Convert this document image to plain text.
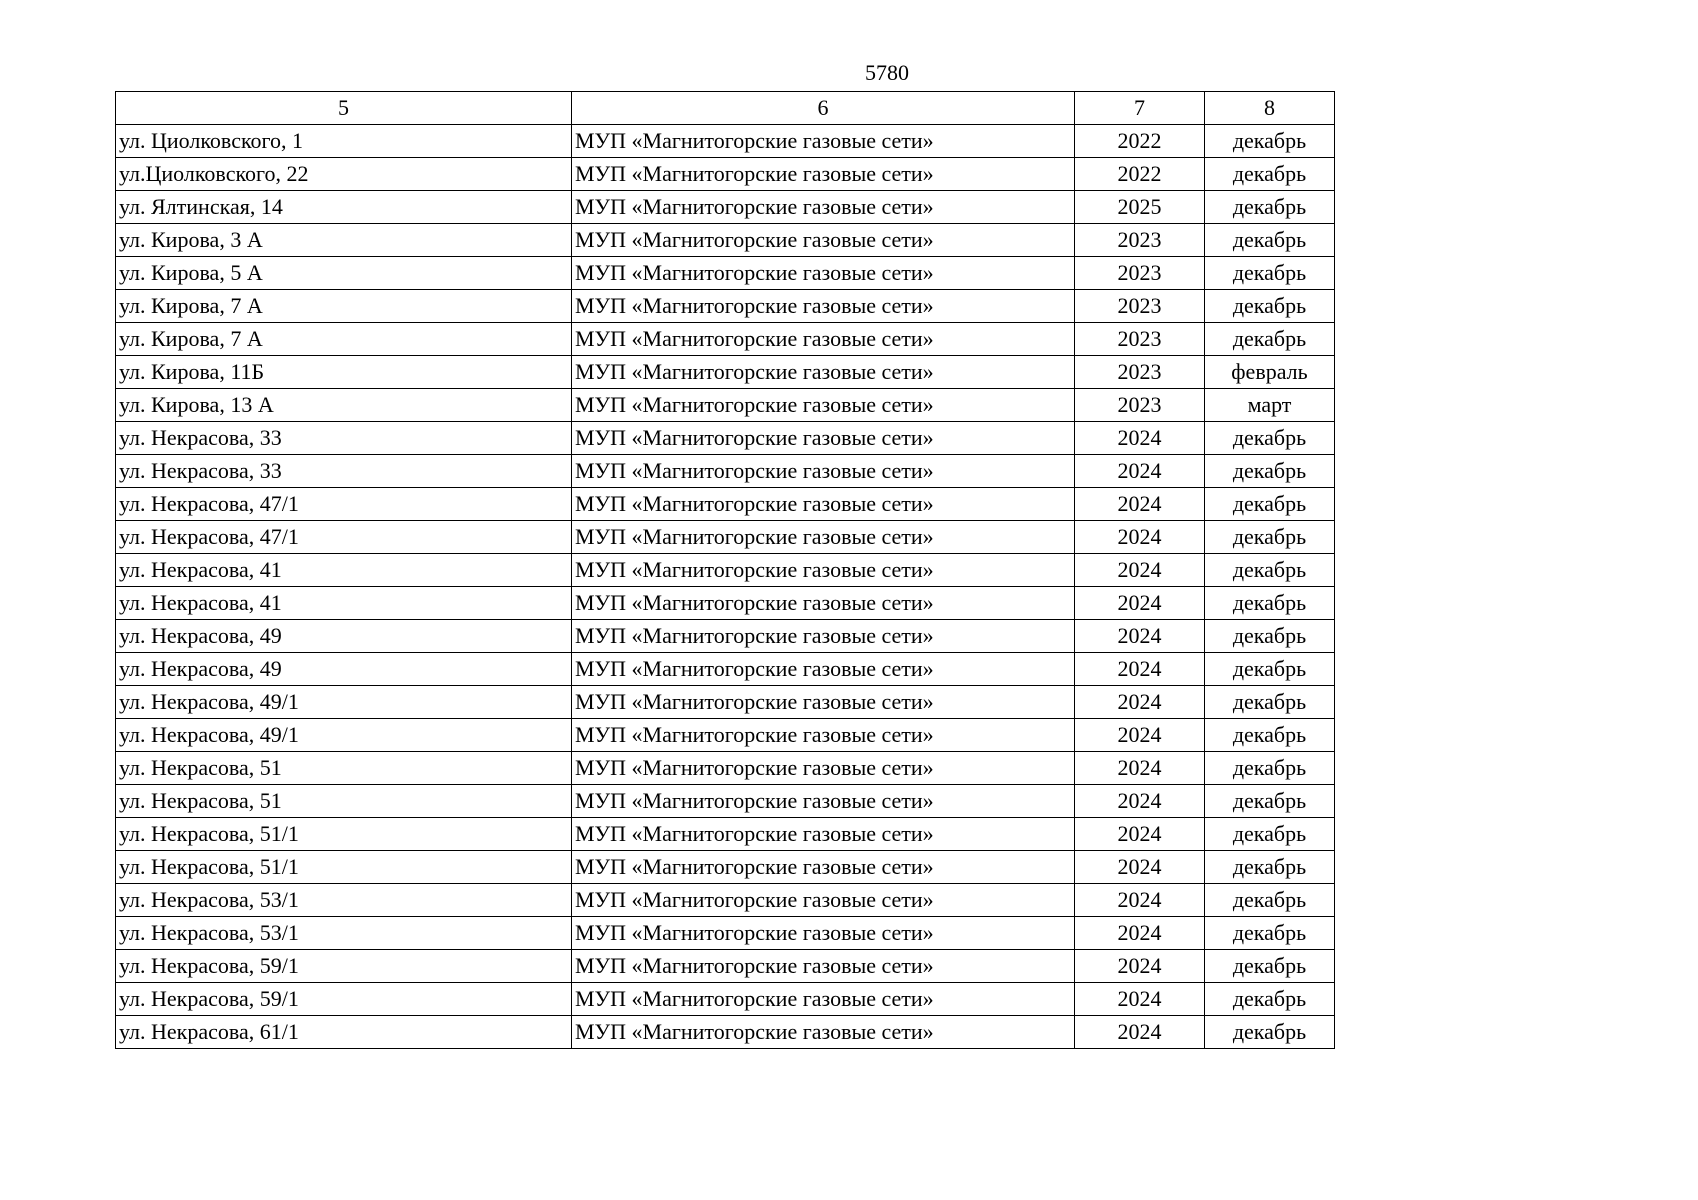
5780
5	6	7	8
ул. Циолковского, 1	МУП «Магнитогорские газовые сети»	2022	декабрь
ул.Циолковского, 22	МУП «Магнитогорские газовые сети»	2022	декабрь
ул. Ялтинская, 14	МУП «Магнитогорские газовые сети»	2025	декабрь
ул. Кирова, 3 А	МУП «Магнитогорские газовые сети»	2023	декабрь
ул. Кирова, 5 А	МУП «Магнитогорские газовые сети»	2023	декабрь
ул. Кирова, 7 А	МУП «Магнитогорские газовые сети»	2023	декабрь
ул. Кирова, 7 А	МУП «Магнитогорские газовые сети»	2023	декабрь
ул. Кирова, 11Б	МУП «Магнитогорские газовые сети»	2023	февраль
ул. Кирова, 13 А	МУП «Магнитогорские газовые сети»	2023	март
ул. Некрасова, 33	МУП «Магнитогорские газовые сети»	2024	декабрь
ул. Некрасова, 33	МУП «Магнитогорские газовые сети»	2024	декабрь
ул. Некрасова, 47/1	МУП «Магнитогорские газовые сети»	2024	декабрь
ул. Некрасова, 47/1	МУП «Магнитогорские газовые сети»	2024	декабрь
ул. Некрасова, 41	МУП «Магнитогорские газовые сети»	2024	декабрь
ул. Некрасова, 41	МУП «Магнитогорские газовые сети»	2024	декабрь
ул. Некрасова, 49	МУП «Магнитогорские газовые сети»	2024	декабрь
ул. Некрасова, 49	МУП «Магнитогорские газовые сети»	2024	декабрь
ул. Некрасова, 49/1	МУП «Магнитогорские газовые сети»	2024	декабрь
ул. Некрасова, 49/1	МУП «Магнитогорские газовые сети»	2024	декабрь
ул. Некрасова, 51	МУП «Магнитогорские газовые сети»	2024	декабрь
ул. Некрасова, 51	МУП «Магнитогорские газовые сети»	2024	декабрь
ул. Некрасова, 51/1	МУП «Магнитогорские газовые сети»	2024	декабрь
ул. Некрасова, 51/1	МУП «Магнитогорские газовые сети»	2024	декабрь
ул. Некрасова, 53/1	МУП «Магнитогорские газовые сети»	2024	декабрь
ул. Некрасова, 53/1	МУП «Магнитогорские газовые сети»	2024	декабрь
ул. Некрасова, 59/1	МУП «Магнитогорские газовые сети»	2024	декабрь
ул. Некрасова, 59/1	МУП «Магнитогорские газовые сети»	2024	декабрь
ул. Некрасова, 61/1	МУП «Магнитогорские газовые сети»	2024	декабрь
